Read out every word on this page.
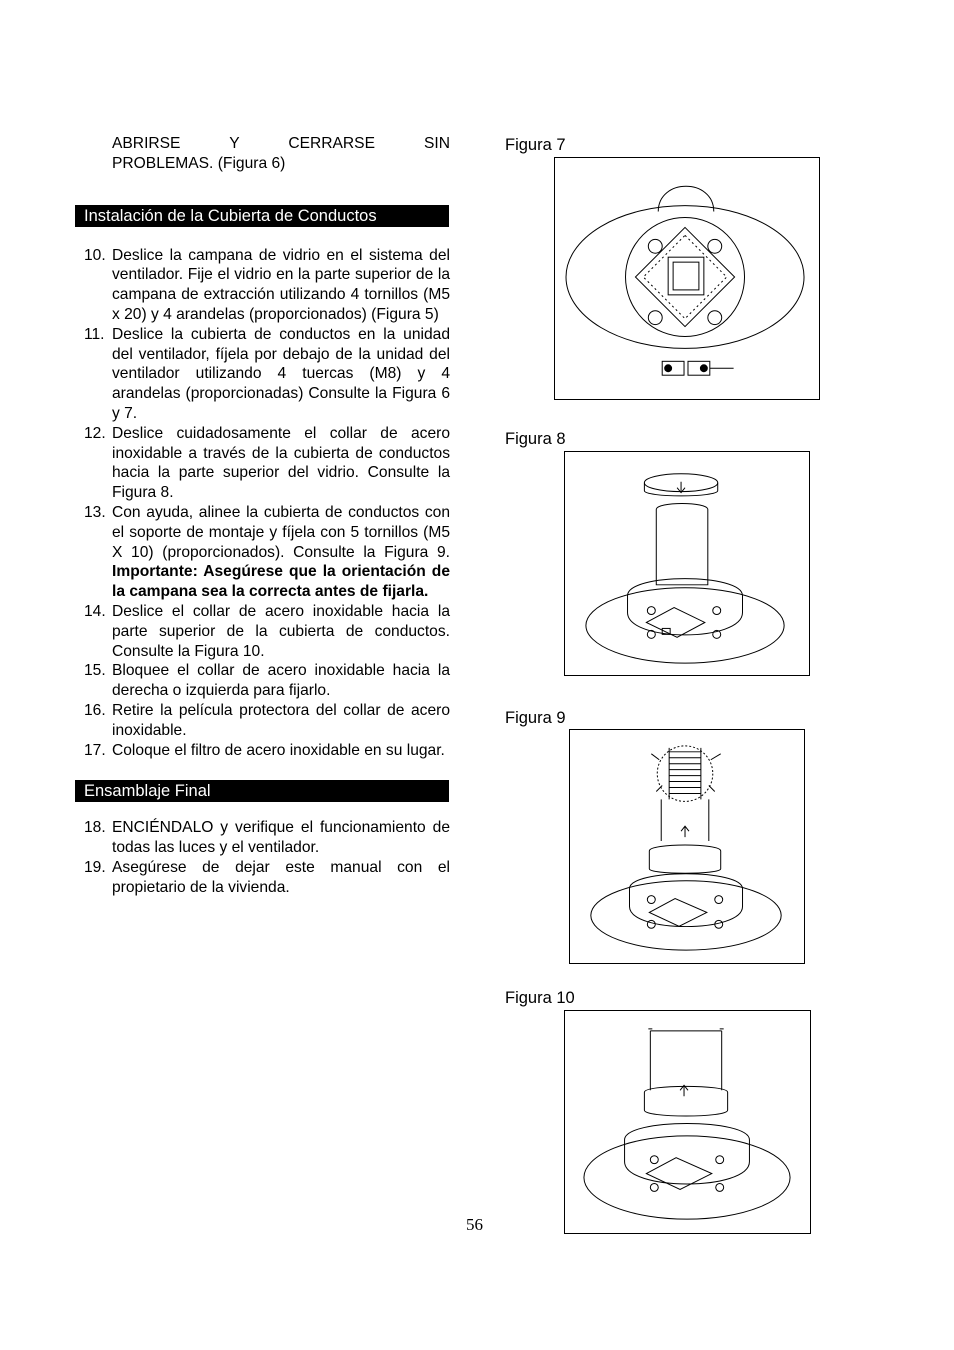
ABRIRSE Y CERRARSE SIN
PROBLEMAS. (Figura 6)
Instalación de la Cubierta de Conductos
10. Deslice la campana de vidrio en el sistema del ventilador. Fije el vidrio en la parte superior de la campana de extracción utilizando 4 tornillos (M5 x 20) y 4 arandelas (proporcionados) (Figura 5)
11. Deslice la cubierta de conductos en la unidad del ventilador, fíjela por debajo de la unidad del ventilador utilizando 4 tuercas (M8) y 4 arandelas (proporcionadas) Consulte la Figura 6 y 7.
12. Deslice cuidadosamente el collar de acero inoxidable a través de la cubierta de conductos hacia la parte superior del vidrio. Consulte la Figura 8.
13. Con ayuda, alinee la cubierta de conductos con el soporte de montaje y fíjela con 5 tornillos (M5 X 10) (proporcionados). Consulte la Figura 9. Importante: Asegúrese que la orientación de la campana sea la correcta antes de fijarla.
14. Deslice el collar de acero inoxidable hacia la parte superior de la cubierta de conductos. Consulte la Figura 10.
15. Bloquee el collar de acero inoxidable hacia la derecha o izquierda para fijarlo.
16. Retire la película protectora del collar de acero inoxidable.
17. Coloque el filtro de acero inoxidable en su lugar.
Ensamblaje Final
18. ENCIÉNDALO y verifique el funcionamiento de todas las luces y el ventilador.
19. Asegúrese de dejar este manual con el propietario de la vivienda.
Figura 7
Figura 8
Figura 9
Figura 10
56
